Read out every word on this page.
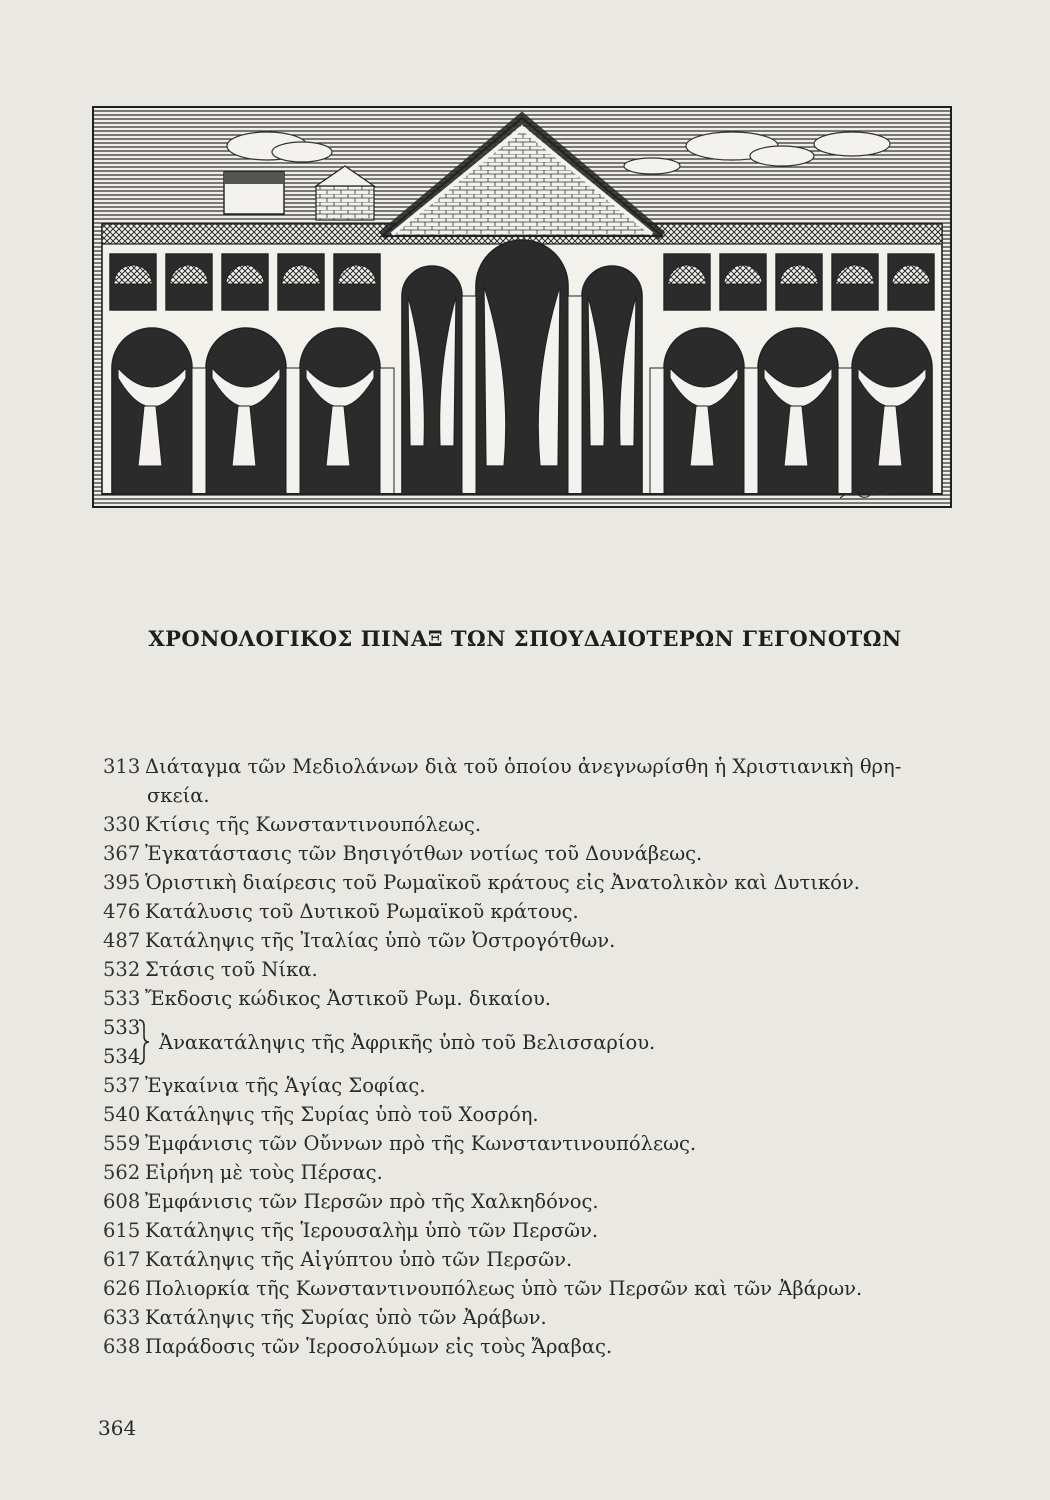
ΧΡΟΝΟΛΟΓΙΚΟΣ ΠΙΝΑΞ ΤΩΝ ΣΠΟΥΔΑΙΟΤΕΡΩΝ ΓΕΓΟΝΟΤΩΝ
313 Διάταγμα τῶν Μεδιολάνων διὰ τοῦ ὁποίου ἀνεγνωρίσθη ἡ Χριστιανικὴ θρη-
σκεία.
330 Κτίσις τῆς Κωνσταντινουπόλεως.
367 Ἐγκατάστασις τῶν Βησιγότθων νοτίως τοῦ Δουνάβεως.
395 Ὁριστικὴ διαίρεσις τοῦ Ρωμαϊκοῦ κράτους εἰς Ἀνατολικὸν καὶ Δυτικόν.
476 Κατάλυσις τοῦ Δυτικοῦ Ρωμαϊκοῦ κράτους.
487 Κατάληψις τῆς Ἰταλίας ὑπὸ τῶν Ὀστρογότθων.
532 Στάσις τοῦ Νίκα.
533 Ἔκδοσις κώδικος Ἀστικοῦ Ρωμ. δικαίου.
533
534
Ἀνακατάληψις τῆς Ἀφρικῆς ὑπὸ τοῦ Βελισσαρίου.
537 Ἐγκαίνια τῆς Ἁγίας Σοφίας.
540 Κατάληψις τῆς Συρίας ὑπὸ τοῦ Χοσρόη.
559 Ἐμφάνισις τῶν Οὔννων πρὸ τῆς Κωνσταντινουπόλεως.
562 Εἰρήνη μὲ τοὺς Πέρσας.
608 Ἐμφάνισις τῶν Περσῶν πρὸ τῆς Χαλκηδόνος.
615 Κατάληψις τῆς Ἱερουσαλὴμ ὑπὸ τῶν Περσῶν.
617 Κατάληψις τῆς Αἰγύπτου ὑπὸ τῶν Περσῶν.
626 Πολιορκία τῆς Κωνσταντινουπόλεως ὑπὸ τῶν Περσῶν καὶ τῶν Ἀβάρων.
633 Κατάληψις τῆς Συρίας ὑπὸ τῶν Ἀράβων.
638 Παράδοσις τῶν Ἱεροσολύμων εἰς τοὺς Ἄραβας.
364
